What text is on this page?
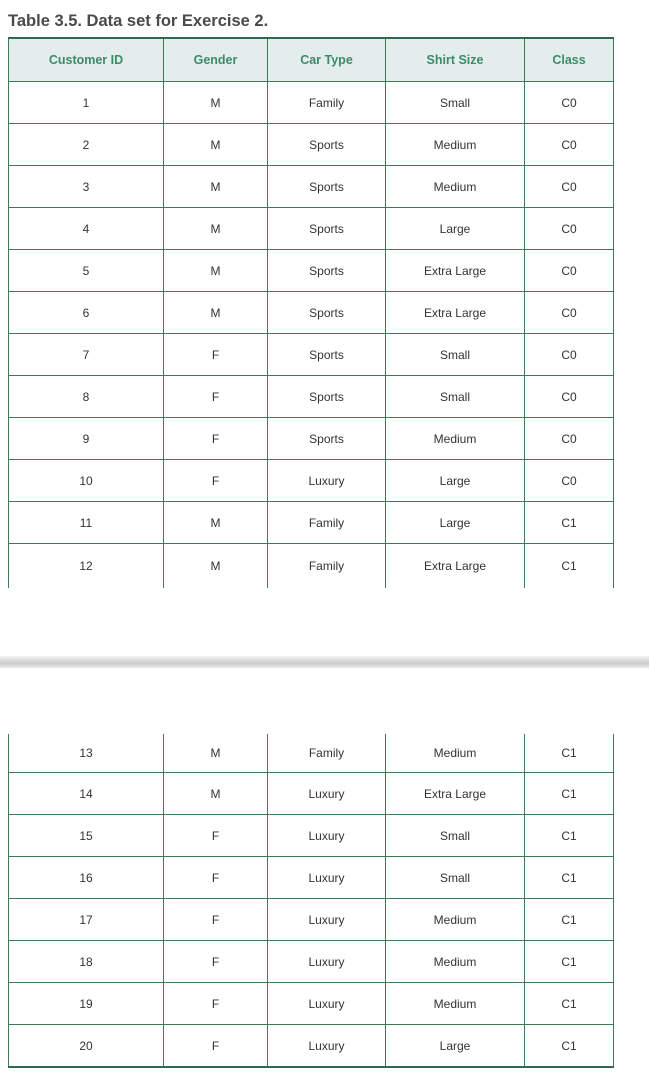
Table 3.5. Data set for Exercise 2.
Customer ID	Gender	Car Type	Shirt Size	Class
1	M	Family	Small	C0
2	M	Sports	Medium	C0
3	M	Sports	Medium	C0
4	M	Sports	Large	C0
5	M	Sports	Extra Large	C0
6	M	Sports	Extra Large	C0
7	F	Sports	Small	C0
8	F	Sports	Small	C0
9	F	Sports	Medium	C0
10	F	Luxury	Large	C0
11	M	Family	Large	C1
12	M	Family	Extra Large	C1
13	M	Family	Medium	C1
14	M	Luxury	Extra Large	C1
15	F	Luxury	Small	C1
16	F	Luxury	Small	C1
17	F	Luxury	Medium	C1
18	F	Luxury	Medium	C1
19	F	Luxury	Medium	C1
20	F	Luxury	Large	C1
